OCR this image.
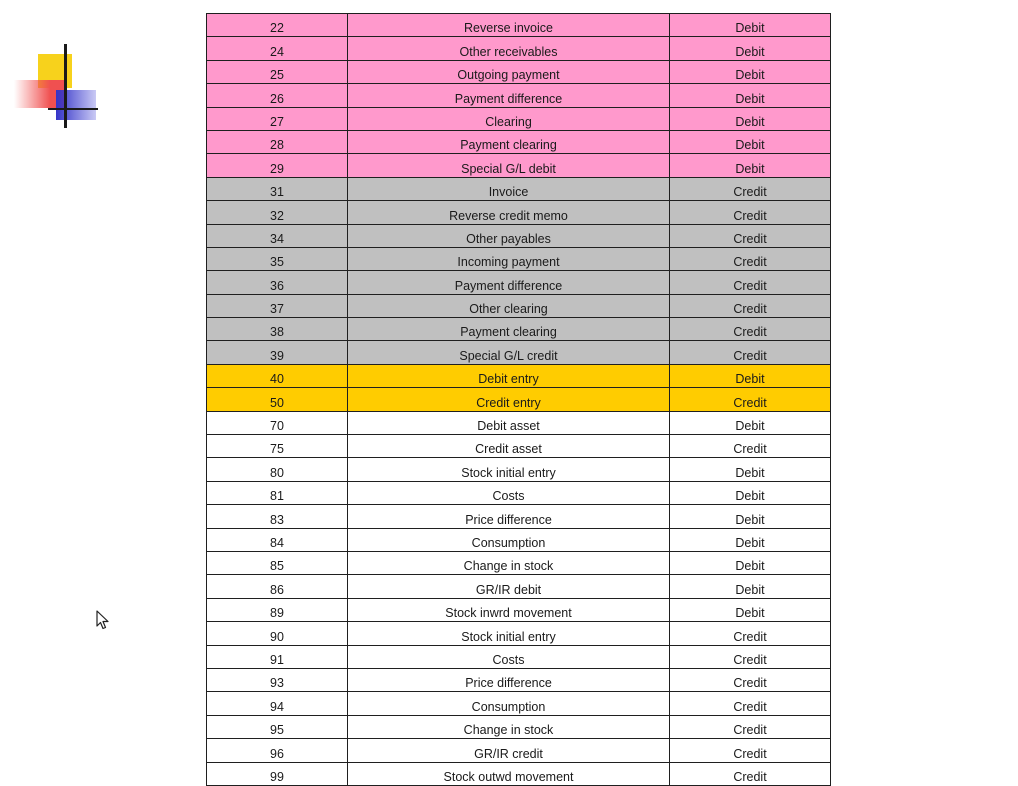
22	Reverse invoice	Debit
24	Other receivables	Debit
25	Outgoing payment	Debit
26	Payment difference	Debit
27	Clearing	Debit
28	Payment clearing	Debit
29	Special G/L debit	Debit
31	Invoice	Credit
32	Reverse credit memo	Credit
34	Other payables	Credit
35	Incoming payment	Credit
36	Payment difference	Credit
37	Other clearing	Credit
38	Payment clearing	Credit
39	Special G/L credit	Credit
40	Debit entry	Debit
50	Credit entry	Credit
70	Debit asset	Debit
75	Credit asset	Credit
80	Stock initial entry	Debit
81	Costs	Debit
83	Price difference	Debit
84	Consumption	Debit
85	Change in stock	Debit
86	GR/IR debit	Debit
89	Stock inwrd movement	Debit
90	Stock initial entry	Credit
91	Costs	Credit
93	Price difference	Credit
94	Consumption	Credit
95	Change in stock	Credit
96	GR/IR credit	Credit
99	Stock outwd movement	Credit
